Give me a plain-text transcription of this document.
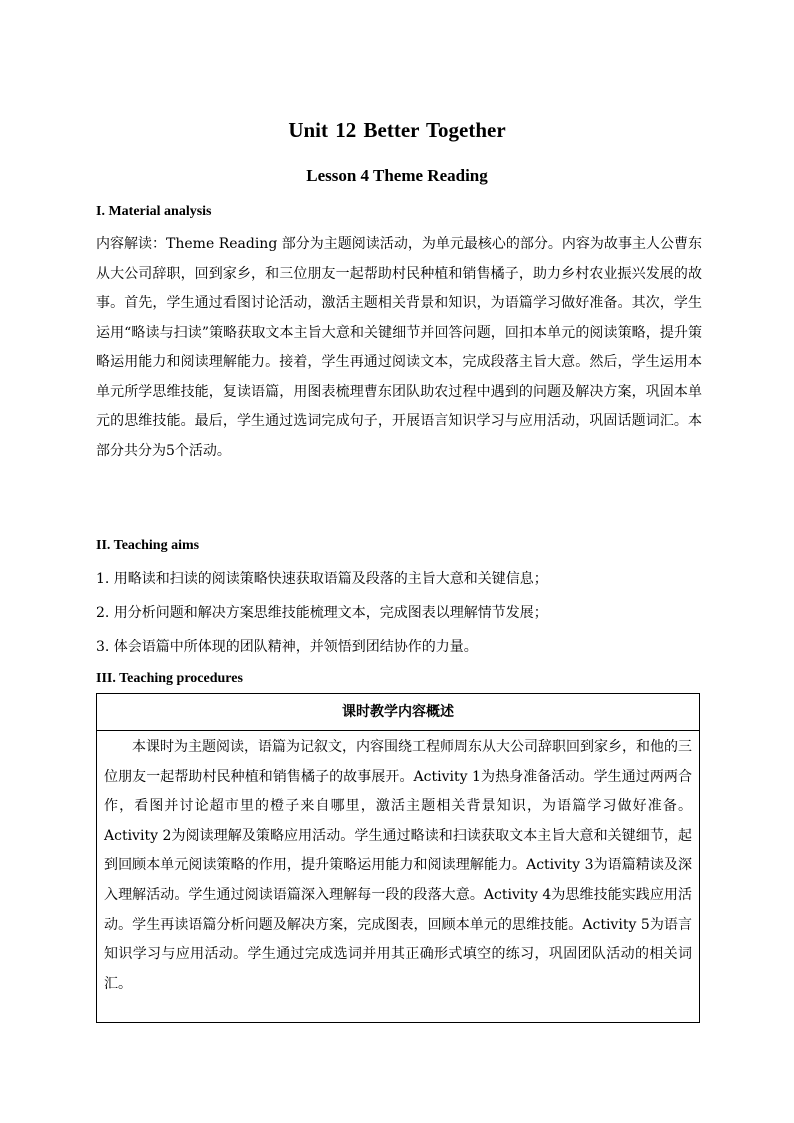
Unit 12 Better Together
Lesson 4 Theme Reading
I. Material analysis
内容解读：Theme Reading 部分为主题阅读活动，为单元最核心的部分。内容为故事主人公曹东从大公司辞职，回到家乡，和三位朋友一起帮助村民种植和销售橘子，助力乡村农业振兴发展的故事。首先，学生通过看图讨论活动，激活主题相关背景和知识，为语篇学习做好准备。其次，学生运用“略读与扫读”策略获取文本主旨大意和关键细节并回答问题，回扣本单元的阅读策略，提升策略运用能力和阅读理解能力。接着，学生再通过阅读文本，完成段落主旨大意。然后，学生运用本单元所学思维技能，复读语篇，用图表梳理曹东团队助农过程中遇到的问题及解决方案，巩固本单元的思维技能。最后，学生通过选词完成句子，开展语言知识学习与应用活动，巩固话题词汇。本部分共分为5个活动。
II. Teaching aims
1. 用略读和扫读的阅读策略快速获取语篇及段落的主旨大意和关键信息；
2. 用分析问题和解决方案思维技能梳理文本，完成图表以理解情节发展；
3. 体会语篇中所体现的团队精神，并领悟到团结协作的力量。
III. Teaching procedures
课时教学内容概述
本课时为主题阅读，语篇为记叙文，内容围绕工程师周东从大公司辞职回到家乡，和他的三位朋友一起帮助村民种植和销售橘子的故事展开。Activity 1为热身准备活动。学生通过两两合作，看图并讨论超市里的橙子来自哪里，激活主题相关背景知识，为语篇学习做好准备。Activity 2为阅读理解及策略应用活动。学生通过略读和扫读获取文本主旨大意和关键细节，起到回顾本单元阅读策略的作用，提升策略运用能力和阅读理解能力。Activity 3为语篇精读及深入理解活动。学生通过阅读语篇深入理解每一段的段落大意。Activity 4为思维技能实践应用活动。学生再读语篇分析问题及解决方案，完成图表，回顾本单元的思维技能。Activity 5为语言知识学习与应用活动。学生通过完成选词并用其正确形式填空的练习，巩固团队活动的相关词汇。
